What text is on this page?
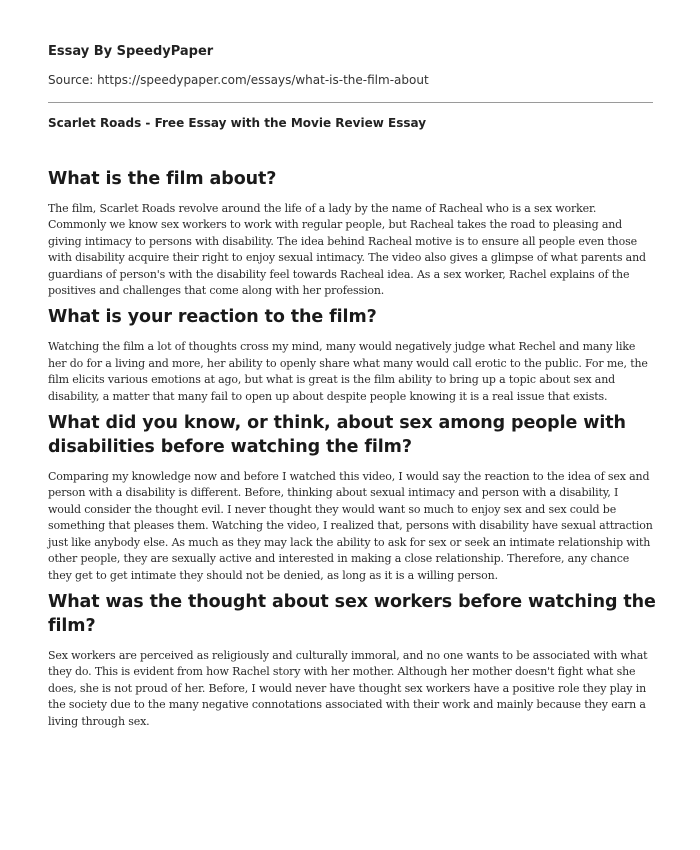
Essay By SpeedyPaper
Source: https://speedypaper.com/essays/what-is-the-film-about
Scarlet Roads - Free Essay with the Movie Review Essay
What is the film about?

The film, Scarlet Roads revolve around the life of a lady by the name of Racheal who is a sex worker. Commonly we know sex workers to work with regular people, but Racheal takes the road to pleasing and giving intimacy to persons with disability. The idea behind Racheal motive is to ensure all people even those with disability acquire their right to enjoy sexual intimacy. The video also gives a glimpse of what parents and guardians of person's with the disability feel towards Racheal idea. As a sex worker, Rachel explains of the positives and challenges that come along with her profession.

What is your reaction to the film?

Watching the film a lot of thoughts cross my mind, many would negatively judge what Rechel and many like her do for a living and more, her ability to openly share what many would call erotic to the public. For me, the film elicits various emotions at ago, but what is great is the film ability to bring up a topic about sex and disability, a matter that many fail to open up about despite people knowing it is a real issue that exists.

What did you know, or think, about sex among people with disabilities before watching the film?

Comparing my knowledge now and before I watched this video, I would say the reaction to the idea of sex and person with a disability is different. Before, thinking about sexual intimacy and person with a disability, I would consider the thought evil. I never thought they would want so much to enjoy sex and sex could be something that pleases them. Watching the video, I realized that, persons with disability have sexual attraction just like anybody else. As much as they may lack the ability to ask for sex or seek an intimate relationship with other people, they are sexually active and interested in making a close relationship. Therefore, any chance they get to get intimate they should not be denied, as long as it is a willing person.

What was the thought about sex workers before watching the film?

Sex workers are perceived as religiously and culturally immoral, and no one wants to be associated with what they do. This is evident from how Rachel story with her mother. Although her mother doesn't fight what she does, she is not proud of her. Before, I would never have thought sex workers have a positive role they play in the society due to the many negative connotations associated with their work and mainly because they earn a living through sex.
